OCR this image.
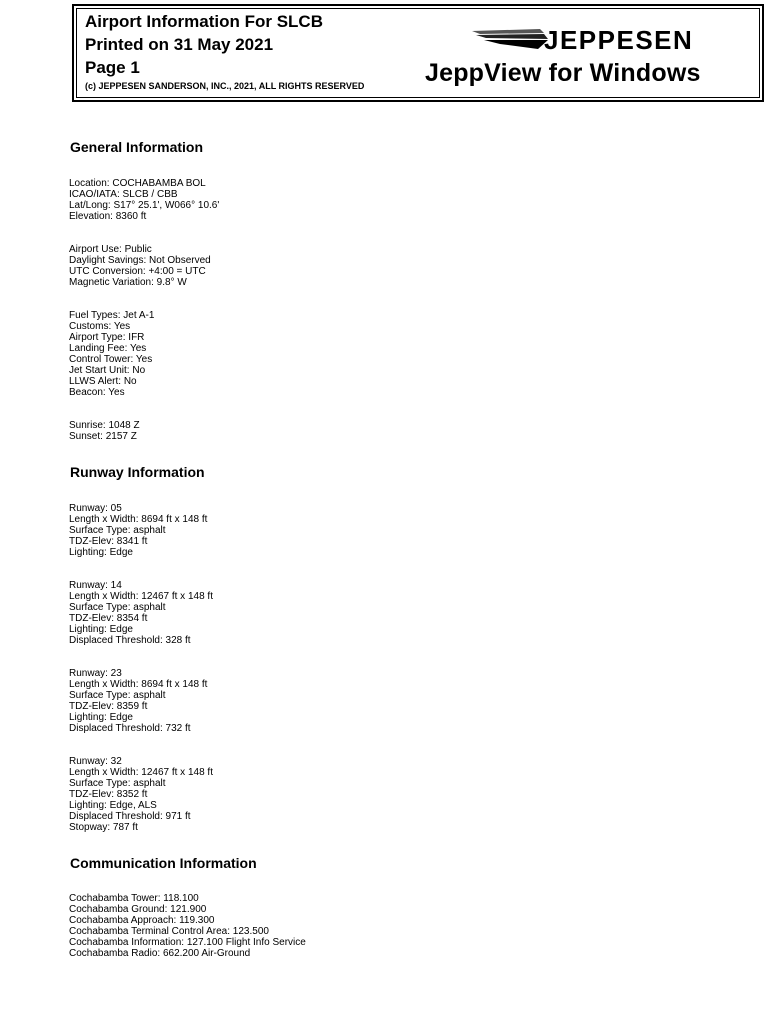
Airport Information For SLCB
Printed on 31 May 2021
Page 1
(c) JEPPESEN SANDERSON, INC., 2021, ALL RIGHTS RESERVED
JEPPESEN
JeppView for Windows
General Information
Location: COCHABAMBA BOL
ICAO/IATA: SLCB / CBB
Lat/Long: S17° 25.1', W066° 10.6'
Elevation: 8360 ft
Airport Use: Public
Daylight Savings: Not Observed
UTC Conversion: +4:00 = UTC
Magnetic Variation: 9.8° W
Fuel Types: Jet A-1
Customs: Yes
Airport Type: IFR
Landing Fee: Yes
Control Tower: Yes
Jet Start Unit: No
LLWS Alert: No
Beacon: Yes
Sunrise: 1048 Z
Sunset: 2157 Z
Runway Information
Runway: 05
Length x Width: 8694 ft x 148 ft
Surface Type: asphalt
TDZ-Elev: 8341 ft
Lighting: Edge
Runway: 14
Length x Width: 12467 ft x 148 ft
Surface Type: asphalt
TDZ-Elev: 8354 ft
Lighting: Edge
Displaced Threshold: 328 ft
Runway: 23
Length x Width: 8694 ft x 148 ft
Surface Type: asphalt
TDZ-Elev: 8359 ft
Lighting: Edge
Displaced Threshold: 732 ft
Runway: 32
Length x Width: 12467 ft x 148 ft
Surface Type: asphalt
TDZ-Elev: 8352 ft
Lighting: Edge, ALS
Displaced Threshold: 971 ft
Stopway: 787 ft
Communication Information
Cochabamba Tower: 118.100
Cochabamba Ground: 121.900
Cochabamba Approach: 119.300
Cochabamba Terminal Control Area: 123.500
Cochabamba Information: 127.100 Flight Info Service
Cochabamba Radio: 662.200 Air-Ground
